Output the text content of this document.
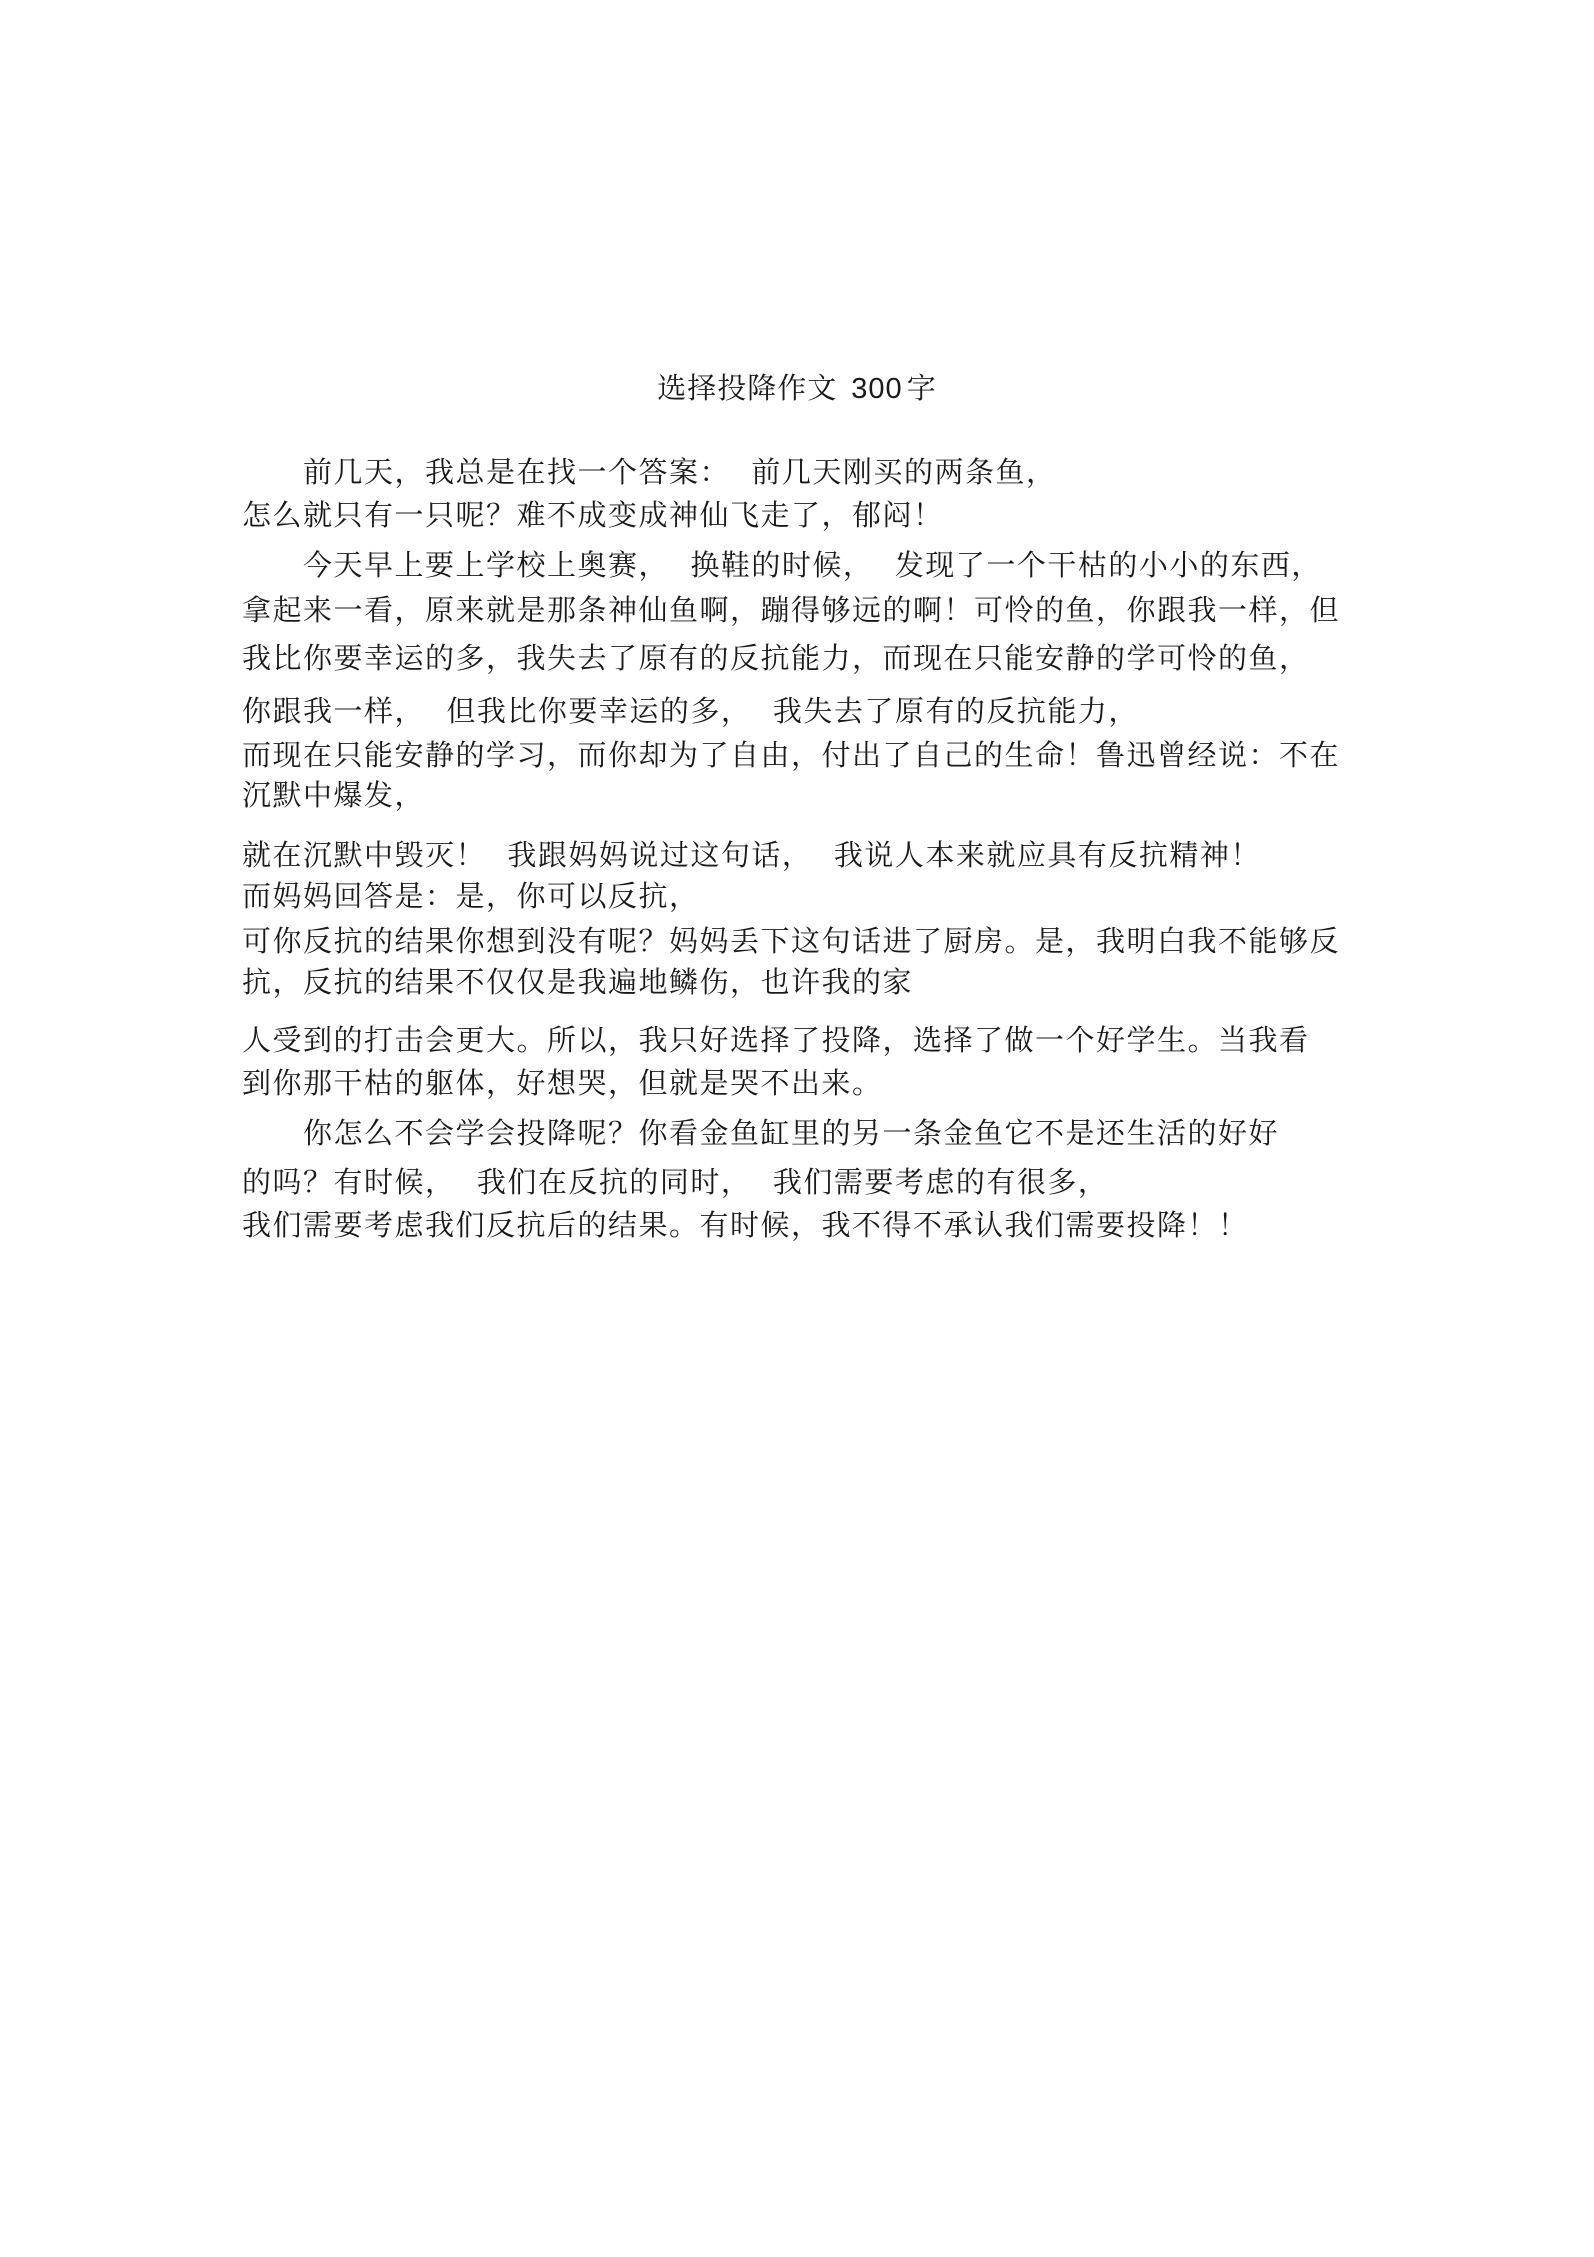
选择投降作文 300 字
　　前几天，我总是在找一个答案：  前几天刚买的两条鱼，
怎么就只有一只呢？难不成变成神仙飞走了，郁闷！
　　今天早上要上学校上奥赛，  换鞋的时候，  发现了一个干枯的小小的东西，
拿起来一看，原来就是那条神仙鱼啊，蹦得够远的啊！可怜的鱼，你跟我一样，但
我比你要幸运的多，我失去了原有的反抗能力，而现在只能安静的学可怜的鱼，
你跟我一样，  但我比你要幸运的多，  我失去了原有的反抗能力，
而现在只能安静的学习，而你却为了自由，付出了自己的生命！鲁迅曾经说：不在
沉默中爆发，
就在沉默中毁灭！  我跟妈妈说过这句话，  我说人本来就应具有反抗精神！
而妈妈回答是：是，你可以反抗，
可你反抗的结果你想到没有呢？妈妈丢下这句话进了厨房。是，我明白我不能够反
抗，反抗的结果不仅仅是我遍地鳞伤，也许我的家
人受到的打击会更大。所以，我只好选择了投降，选择了做一个好学生。当我看
到你那干枯的躯体，好想哭，但就是哭不出来。
　　你怎么不会学会投降呢？你看金鱼缸里的另一条金鱼它不是还生活的好好
的吗？有时候，  我们在反抗的同时，  我们需要考虑的有很多，
我们需要考虑我们反抗后的结果。有时候，我不得不承认我们需要投降！！
